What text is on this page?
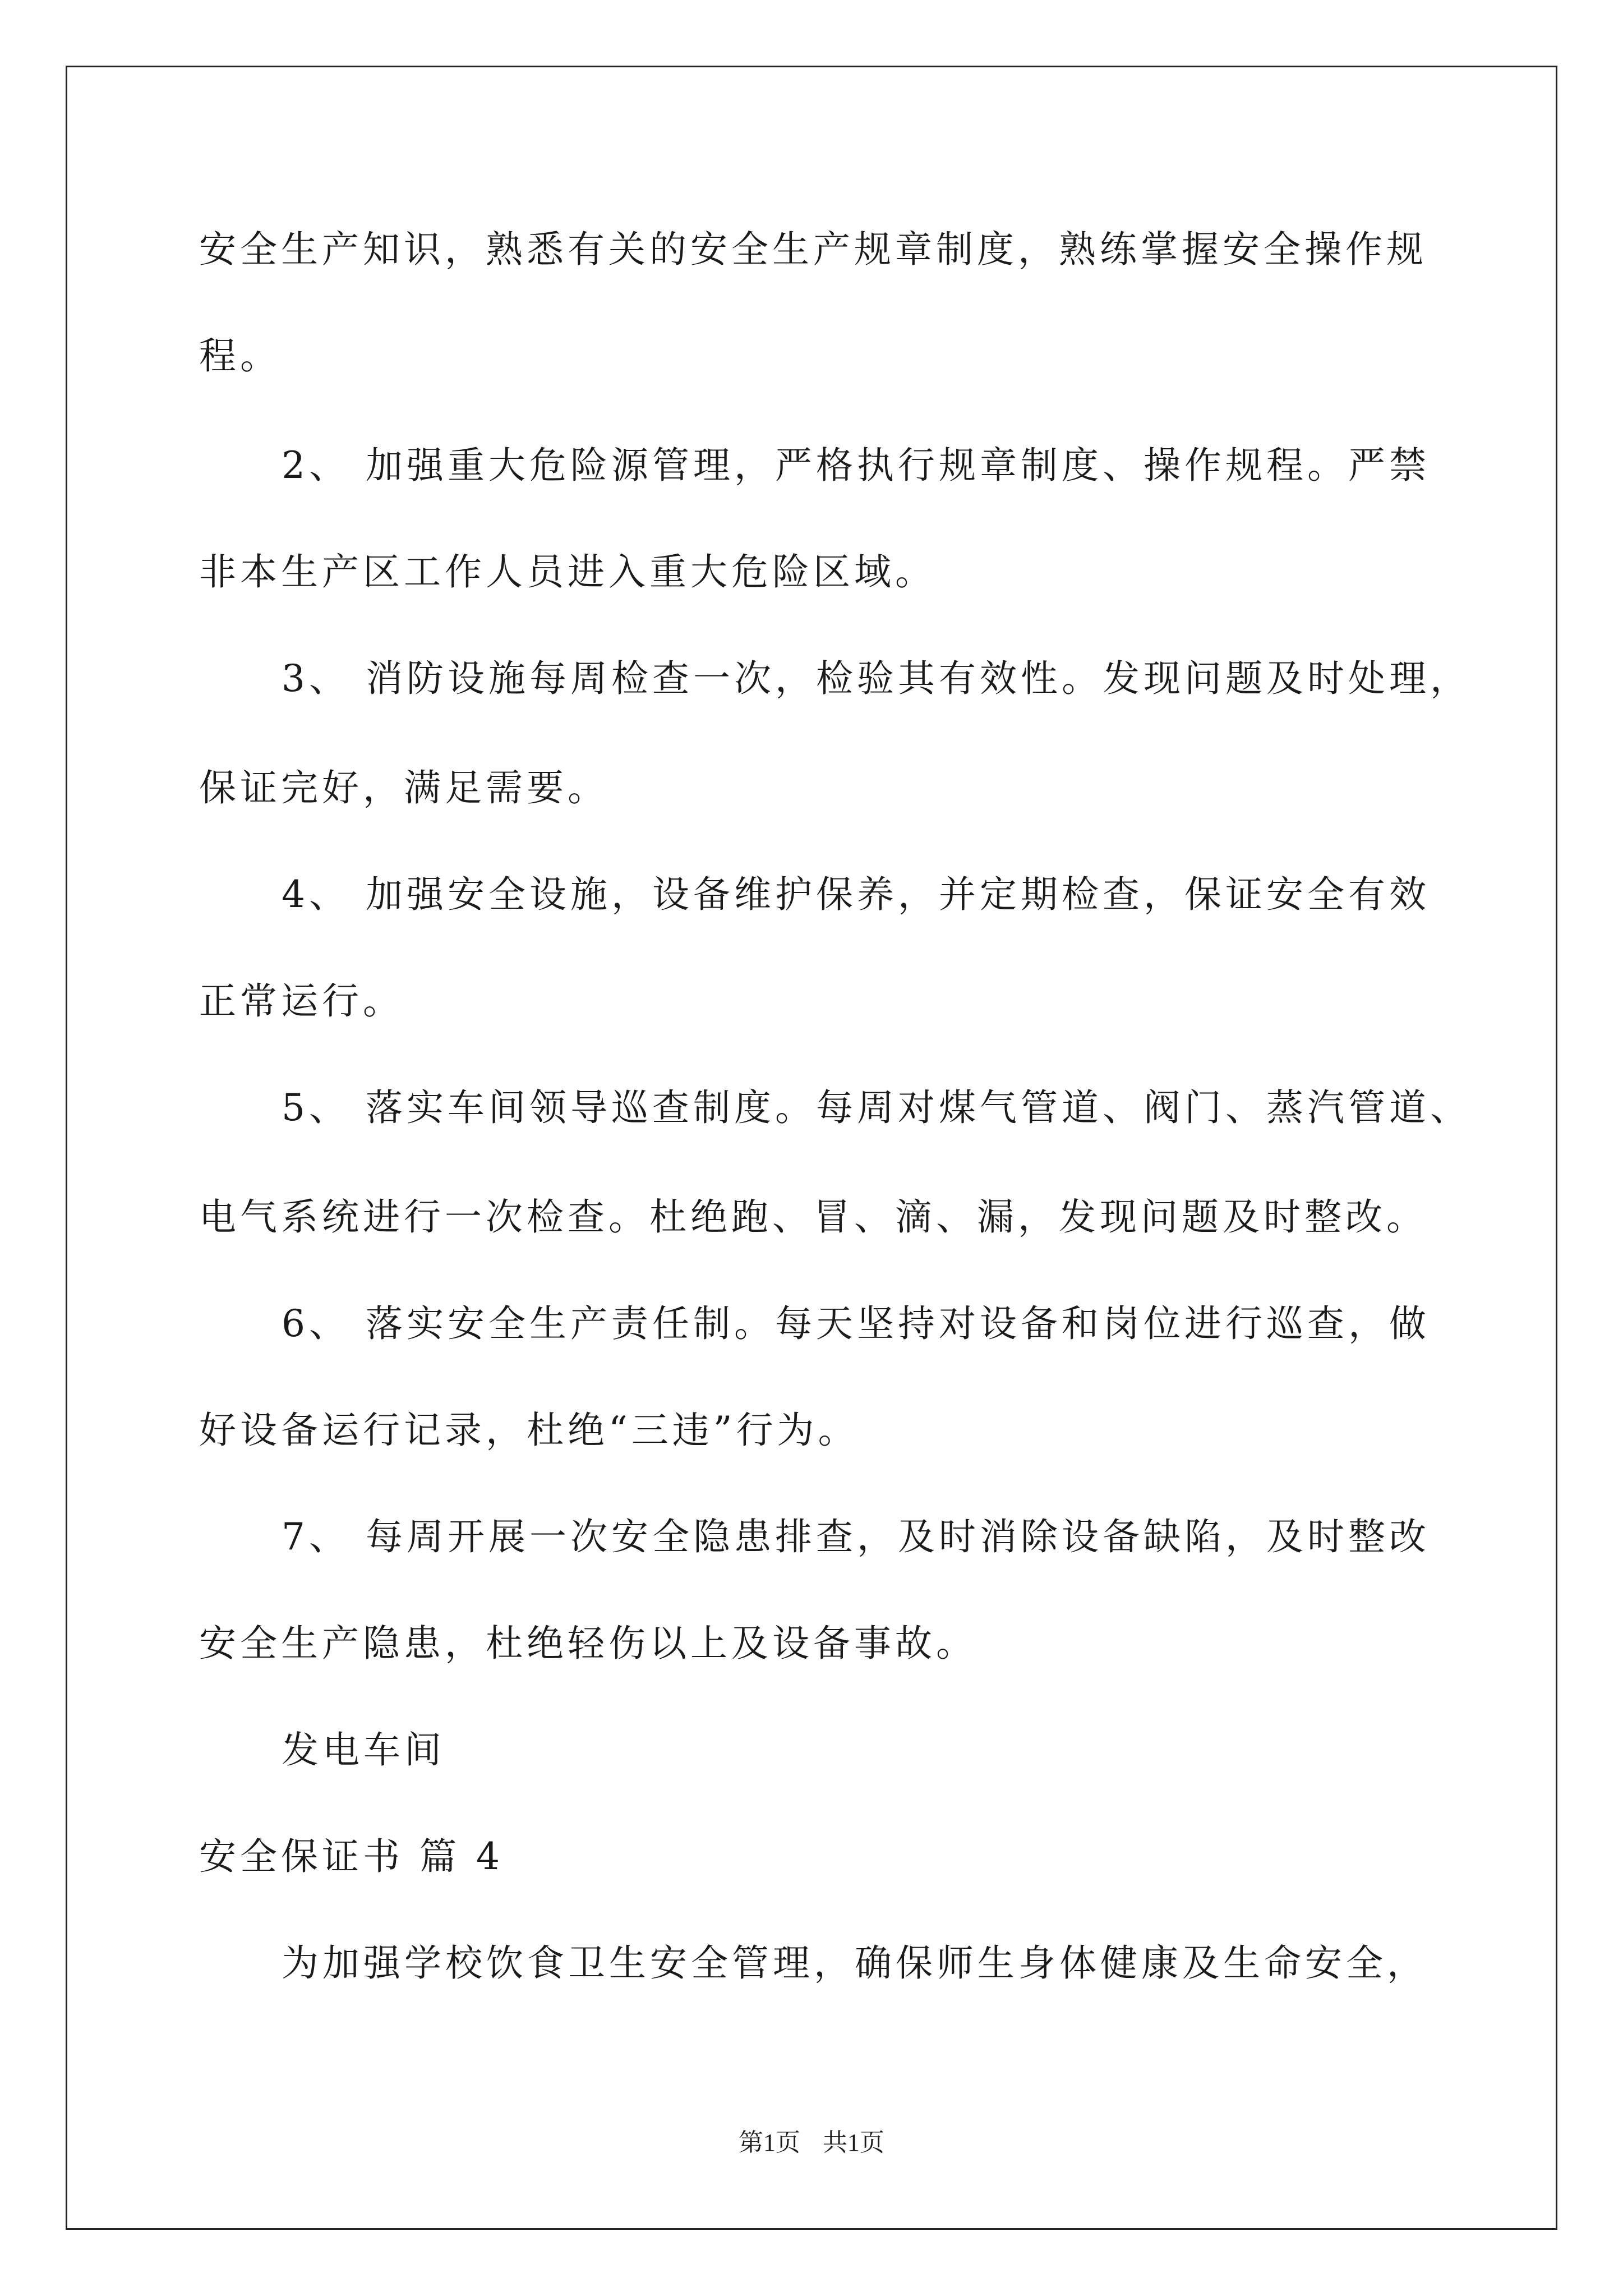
安全生产知识，熟悉有关的安全生产规章制度，熟练掌握安全操作规
程。
2、 加强重大危险源管理，严格执行规章制度、操作规程。严禁
非本生产区工作人员进入重大危险区域。
3、 消防设施每周检查一次，检验其有效性。发现问题及时处理，
保证完好，满足需要。
4、 加强安全设施，设备维护保养，并定期检查，保证安全有效
正常运行。
5、 落实车间领导巡查制度。每周对煤气管道、阀门、蒸汽管道、
电气系统进行一次检查。杜绝跑、冒、滴、漏，发现问题及时整改。
6、 落实安全生产责任制。每天坚持对设备和岗位进行巡查，做
好设备运行记录，杜绝“三违”行为。
7、 每周开展一次安全隐患排查，及时消除设备缺陷，及时整改
安全生产隐患，杜绝轻伤以上及设备事故。
发电车间
安全保证书 篇 4
为加强学校饮食卫生安全管理，确保师生身体健康及生命安全，
第1页 共1页
